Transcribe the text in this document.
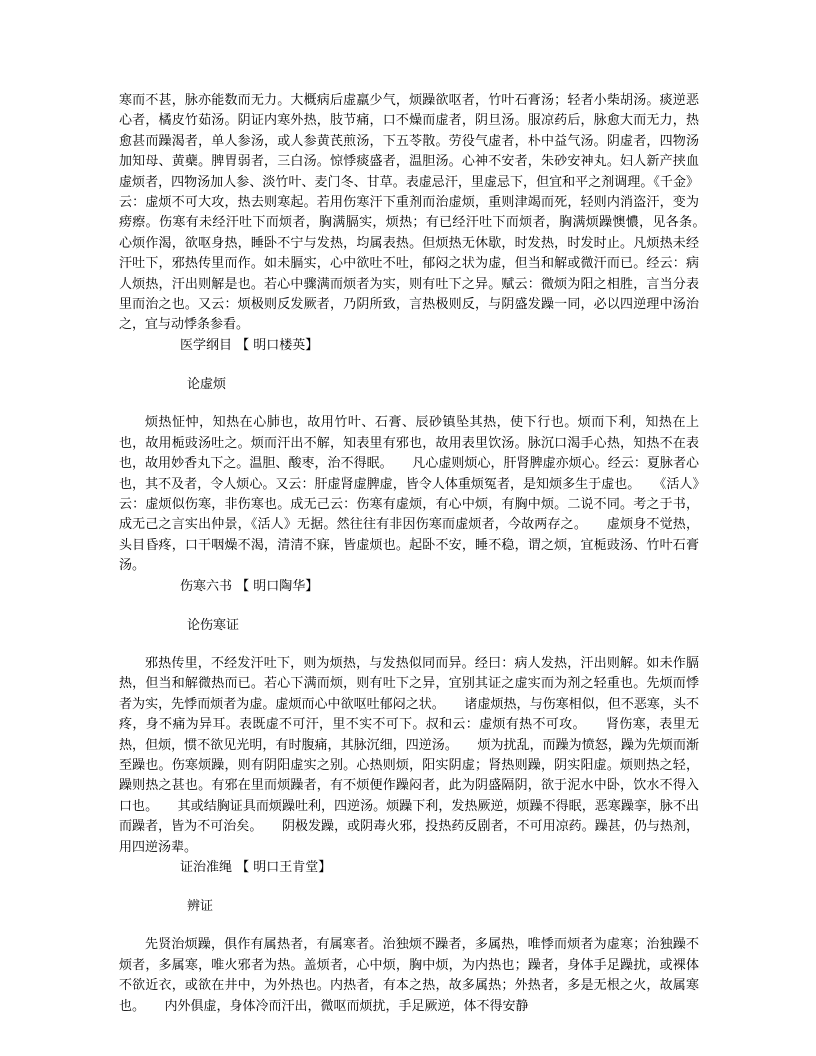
寒而不甚，脉亦能数而无力。大概病后虚羸少气，烦躁欲呕者，竹叶石膏汤；轻者小柴胡汤。痰逆恶心者，橘皮竹茹汤。阴证内寒外热，肢节痛，口不燥而虚者，阴旦汤。服凉药后，脉愈大而无力，热愈甚而躁渴者，单人参汤，或人参黄芪煎汤，下五苓散。劳役气虚者，朴中益气汤。阴虚者，四物汤加知母、黄蘗。脾胃弱者，三白汤。惊悸痰盛者，温胆汤。心神不安者，朱砂安神丸。妇人新产挟血虚烦者，四物汤加人参、淡竹叶、麦门冬、甘草。表虚忌汗，里虚忌下，但宜和平之剂调理。《千金》云：虚烦不可大攻，热去则寒起。若用伤寒汗下重剂而治虚烦，重则津竭而死，轻则内消盗汗，变为痨瘵。伤寒有未经汗吐下而烦者，胸满膈实，烦热；有已经汗吐下而烦者，胸满烦躁懊憹，见各条。　　心烦作渴，欲呕身热，睡卧不宁与发热，均属表热。但烦热无休歇，时发热，时发时止。凡烦热未经汗吐下，邪热传里而作。如未膈实，心中欲吐不吐，郁闷之状为虚，但当和解或微汗而已。经云：病人烦热，汗出则解是也。若心中骤满而烦者为实，则有吐下之异。赋云：微烦为阳之相胜，言当分表里而治之也。又云：烦极则反发厥者，乃阴所致，言热极则反，与阴盛发躁一同，必以四逆理中汤治之，宜与动悸条参看。

医学纲目 【 明口楼英】

论虚烦

烦热怔忡，知热在心肺也，故用竹叶、石膏、辰砂镇坠其热，使下行也。烦而下利，知热在上也，故用栀豉汤吐之。烦而汗出不解，知表里有邪也，故用表里饮汤。脉沉口渴手心热，知热不在表也，故用妙香丸下之。温胆、酸枣，治不得眠。　　凡心虚则烦心，肝肾脾虚亦烦心。经云：夏脉者心也，其不及者，令人烦心。又云：肝虚肾虚脾虚，皆令人体重烦冤者，是知烦多生于虚也。　　《活人》云：虚烦似伤寒，非伤寒也。成无己云：伤寒有虚烦，有心中烦，有胸中烦。二说不同。考之于书，成无己之言实出仲景，《活人》无据。然往往有非因伤寒而虚烦者，今故两存之。　　虚烦身不觉热，头目昏疼，口干咽燥不渴，清清不寐，皆虚烦也。起卧不安，睡不稳，谓之烦，宜栀豉汤、竹叶石膏汤。

伤寒六书 【 明口陶华】

论伤寒证

邪热传里，不经发汗吐下，则为烦热，与发热似同而异。经曰：病人发热，汗出则解。如未作膈热，但当和解微热而已。若心下满而烦，则有吐下之异，宜别其证之虚实而为剂之轻重也。先烦而悸者为实，先悸而烦者为虚。虚烦而心中欲呕吐郁闷之状。　　诸虚烦热，与伤寒相似，但不恶寒，头不疼，身不痛为异耳。表既虚不可汗，里不实不可下。叔和云：虚烦有热不可攻。　　肾伤寒，表里无热，但烦，惯不欲见光明，有时腹痛，其脉沉细，四逆汤。　　烦为扰乱，而躁为愤怒，躁为先烦而渐至躁也。伤寒烦躁，则有阴阳虚实之别。心热则烦，阳实阴虚；肾热则躁，阴实阳虚。烦则热之轻，躁则热之甚也。有邪在里而烦躁者，有不烦便作躁闷者，此为阴盛隔阴，欲于泥水中卧，饮水不得入口也。　　其或结胸证具而烦躁吐利，四逆汤。烦躁下利，发热厥逆，烦躁不得眠，恶寒躁挛，脉不出而躁者，皆为不可治矣。　　阴极发躁，或阴毒火邪，投热药反剧者，不可用凉药。躁甚，仍与热剂，用四逆汤辈。

证治准绳 【 明口王肯堂】

辨证

先贤治烦躁，俱作有属热者，有属寒者。治独烦不躁者，多属热，唯悸而烦者为虚寒；治独躁不烦者，多属寒，唯火邪者为热。盖烦者，心中烦，胸中烦，为内热也；躁者，身体手足躁扰，或裸体不欲近衣，或欲在井中，为外热也。内热者，有本之热，故多属热；外热者，多是无根之火，故属寒也。　　内外俱虚，身体冷而汗出，微呕而烦扰，手足厥逆，体不得安静
